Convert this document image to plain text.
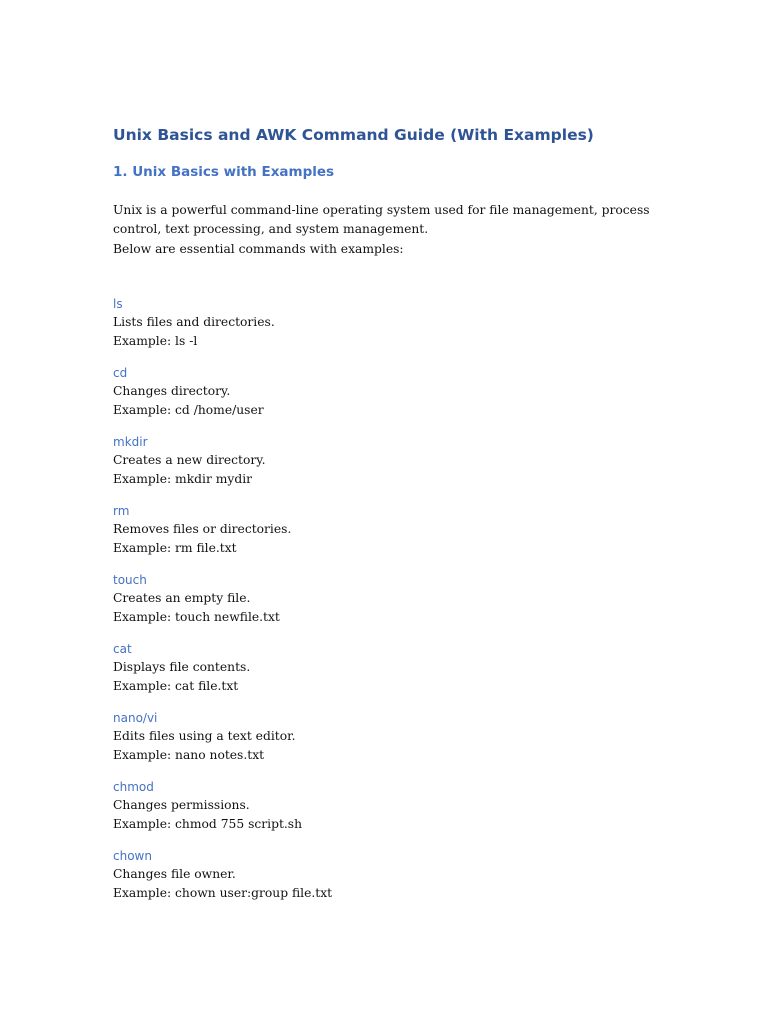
Unix Basics and AWK Command Guide (With Examples)
1. Unix Basics with Examples

Unix is a powerful command-line operating system used for file management, process control, text processing, and system management.

Below are essential commands with examples:

ls
Lists files and directories.
Example: ls -l
cd
Changes directory.
Example: cd /home/user
mkdir
Creates a new directory.
Example: mkdir mydir
rm
Removes files or directories.
Example: rm file.txt
touch
Creates an empty file.
Example: touch newfile.txt
cat
Displays file contents.
Example: cat file.txt
nano/vi
Edits files using a text editor.
Example: nano notes.txt
chmod
Changes permissions.
Example: chmod 755 script.sh
chown
Changes file owner.
Example: chown user:group file.txt
